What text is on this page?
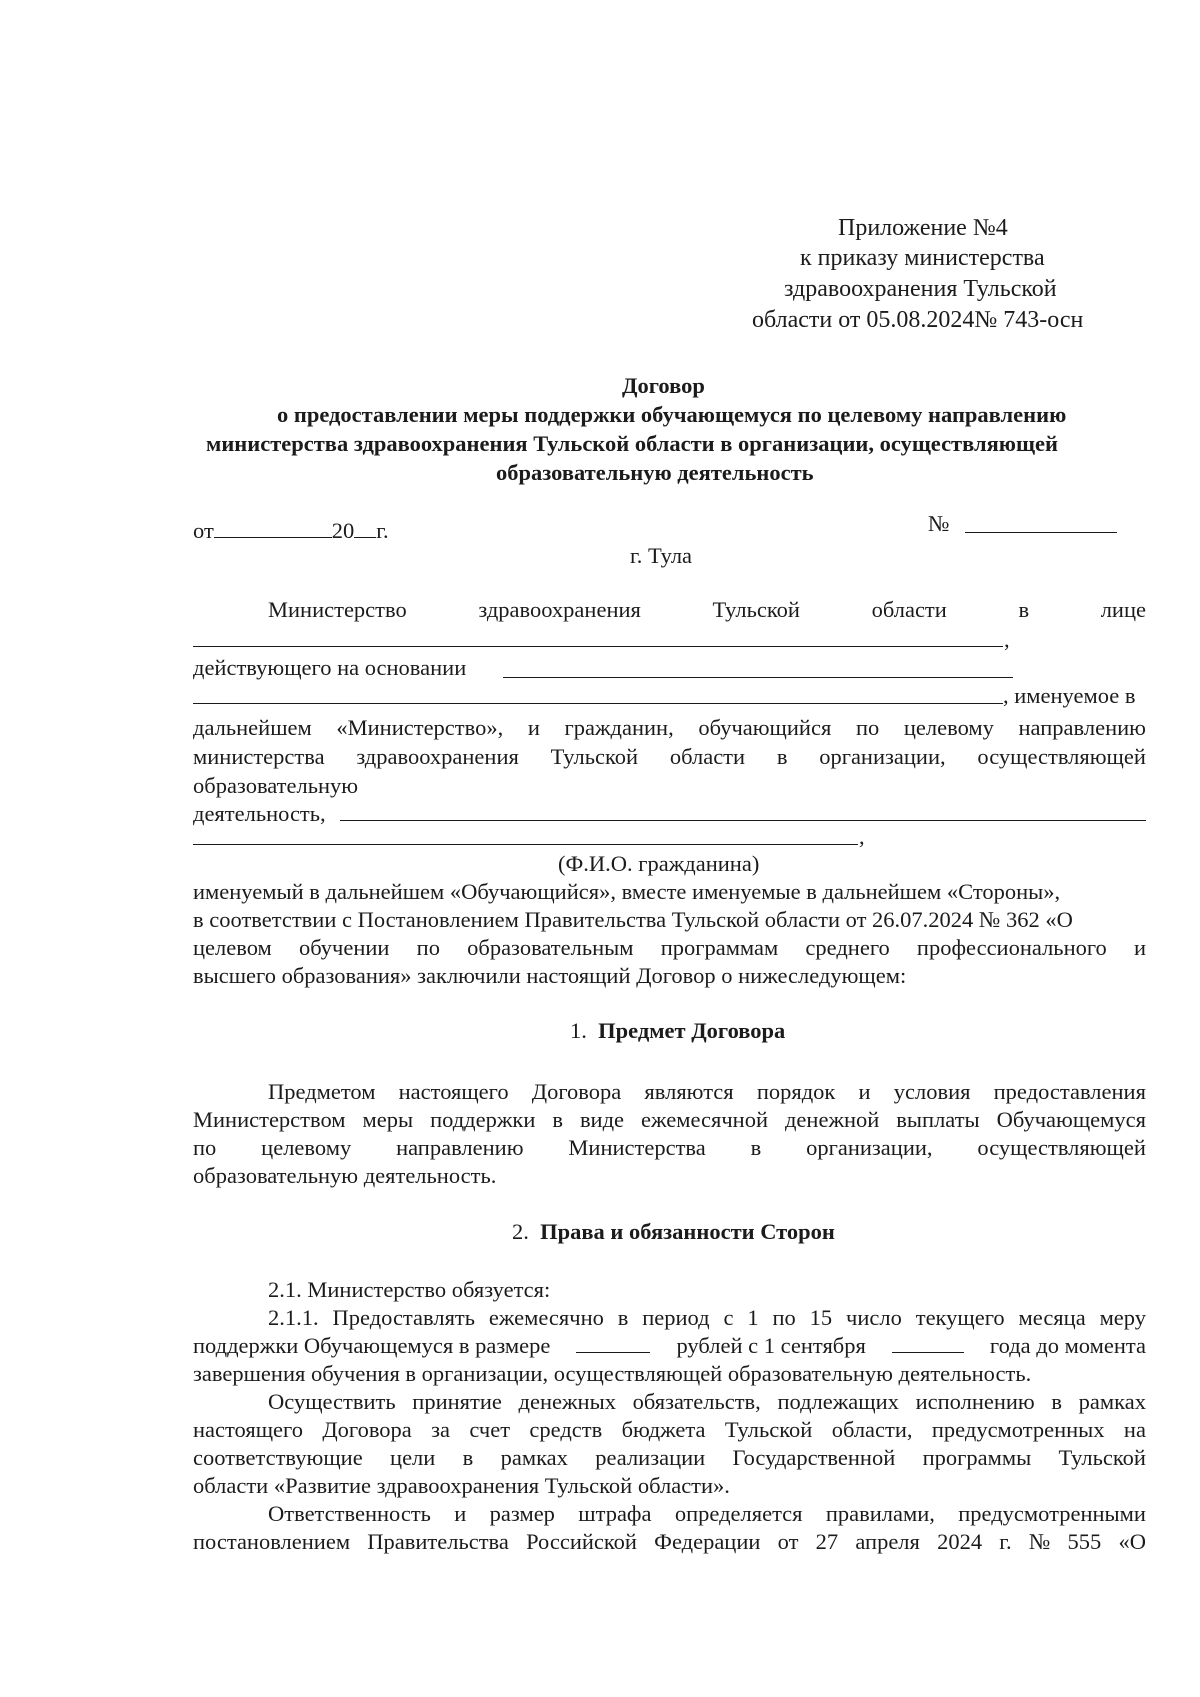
Приложение №4
к приказу министерства
здравоохранения Тульской
области от 05.08.2024№ 743-осн
Договор
о предоставлении меры поддержки обучающемуся по целевому направлению
министерства здравоохранения Тульской области в организации, осуществляющей
образовательную деятельность
от	20 г.	№
г. Тула
Министерство	здравоохранения	Тульской	области	в	лице
,
действующего на основании
, именуемое в
дальнейшем «Министерство», и гражданин, обучающийся по целевому направлению
министерства здравоохранения Тульской области в организации, осуществляющей
образовательную
деятельность,
,
(Ф.И.О. гражданина)
именуемый в дальнейшем «Обучающийся», вместе именуемые в дальнейшем «Стороны»,
в соответствии с Постановлением Правительства Тульской области от 26.07.2024 № 362 «О
целевом обучении по образовательным программам среднего профессионального и
высшего образования» заключили настоящий Договор о нижеследующем:
1. Предмет Договора
Предметом настоящего Договора являются порядок и условия предоставления
Министерством меры поддержки в виде ежемесячной денежной выплаты Обучающемуся
по целевому направлению Министерства в организации, осуществляющей
образовательную деятельность.
2. Права и обязанности Сторон
2.1. Министерство обязуется:
2.1.1. Предоставлять ежемесячно в период с 1 по 15 число текущего месяца меру
поддержки Обучающемуся в размере	рублей с 1 сентября	года до момента
завершения обучения в организации, осуществляющей образовательную деятельность.
Осуществить принятие денежных обязательств, подлежащих исполнению в рамках
настоящего Договора за счет средств бюджета Тульской области, предусмотренных на
соответствующие цели в рамках реализации Государственной программы Тульской
области «Развитие здравоохранения Тульской области».
Ответственность и размер штрафа определяется правилами, предусмотренными
постановлением Правительства Российской Федерации от 27 апреля 2024 г. № 555 «О
